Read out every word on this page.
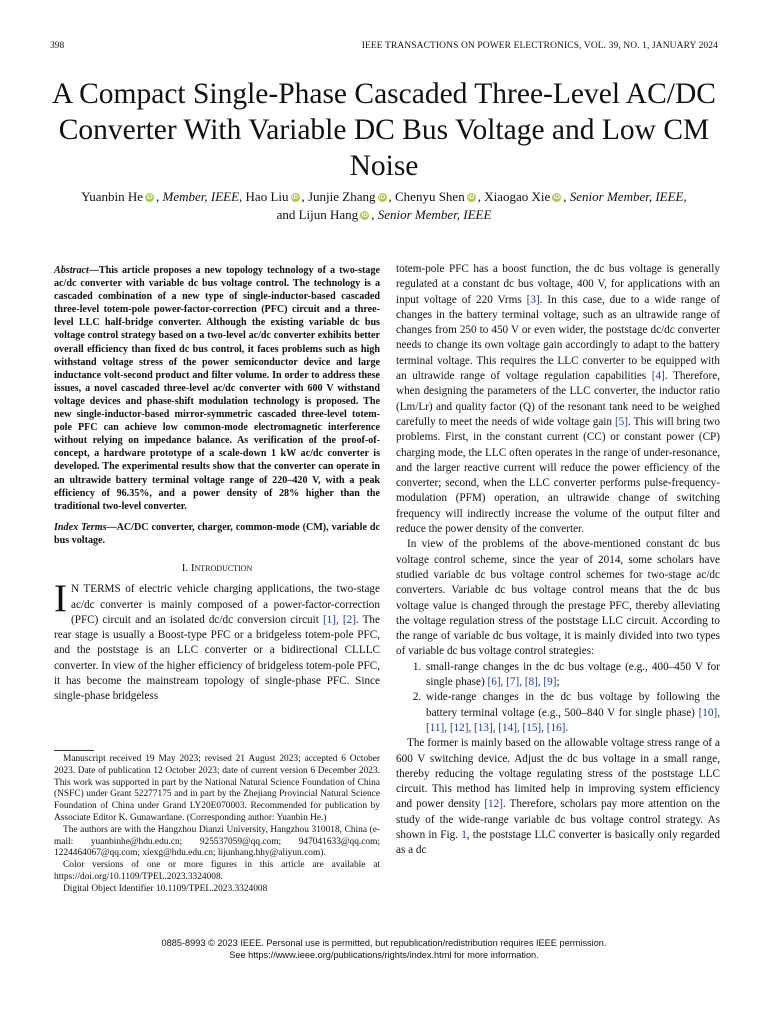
398	IEEE TRANSACTIONS ON POWER ELECTRONICS, VOL. 39, NO. 1, JANUARY 2024
A Compact Single-Phase Cascaded Three-Level AC/DC Converter With Variable DC Bus Voltage and Low CM Noise
Yuanbin He iD , Member, IEEE, Hao Liu iD , Junjie Zhang iD , Chenyu Shen iD , Xiaogao Xie iD , Senior Member, IEEE,
and Lijun Hang iD , Senior Member, IEEE

Abstract—This article proposes a new topology technology of a two-stage ac/dc converter with variable dc bus voltage control. The technology is a cascaded combination of a new type of single-inductor-based cascaded three-level totem-pole power-factor-correction (PFC) circuit and a three-level LLC half-bridge converter. Although the existing variable dc bus voltage control strategy based on a two-level ac/dc converter exhibits better overall efficiency than fixed dc bus control, it faces problems such as high withstand voltage stress of the power semiconductor device and large inductance volt-second product and filter volume. In order to address these issues, a novel cascaded three-level ac/dc converter with 600 V withstand voltage devices and phase-shift modulation technology is proposed. The new single-inductor-based mirror-symmetric cascaded three-level totem-pole PFC can achieve low common-mode electromagnetic interference without relying on impedance balance. As verification of the proof-of-concept, a hardware prototype of a scale-down 1 kW ac/dc converter is developed. The experimental results show that the converter can operate in an ultrawide battery terminal voltage range of 220–420 V, with a peak efficiency of 96.35%, and a power density of 28% higher than the traditional two-level converter.

Index Terms—AC/DC converter, charger, common-mode (CM), variable dc bus voltage.

I. Introduction

I N TERMS of electric vehicle charging applications, the two-stage ac/dc converter is mainly composed of a power-factor-correction (PFC) circuit and an isolated dc/dc conversion circuit [1], [2]. The rear stage is usually a Boost-type PFC or a bridgeless totem-pole PFC, and the poststage is an LLC converter or a bidirectional CLLLC converter. In view of the higher efficiency of bridgeless totem-pole PFC, it has become the mainstream topology of single-phase PFC. Since single-phase bridgeless

Manuscript received 19 May 2023; revised 21 August 2023; accepted 6 October 2023. Date of publication 12 October 2023; date of current version 6 December 2023. This work was supported in part by the National Natural Science Foundation of China (NSFC) under Grant 52277175 and in part by the Zhejiang Provincial Natural Science Foundation of China under Grand LY20E070003. Recommended for publication by Associate Editor K. Gunawardane. (Corresponding author: Yuanbin He.)

The authors are with the Hangzhou Dianzi University, Hangzhou 310018, China (e-mail: yuanbinhe@hdu.edu.cn; 925537059@qq.com; 947041633@qq.com; 1224464067@qq.com; xiexg@hdu.edu.cn; lijunhang.hhy@aliyun.com).

Color versions of one or more figures in this article are available at https://doi.org/10.1109/TPEL.2023.3324008.

Digital Object Identifier 10.1109/TPEL.2023.3324008

totem-pole PFC has a boost function, the dc bus voltage is generally regulated at a constant dc bus voltage, 400 V, for applications with an input voltage of 220 Vrms [3]. In this case, due to a wide range of changes in the battery terminal voltage, such as an ultrawide range of changes from 250 to 450 V or even wider, the poststage dc/dc converter needs to change its own voltage gain accordingly to adapt to the battery terminal voltage. This requires the LLC converter to be equipped with an ultrawide range of voltage regulation capabilities [4]. Therefore, when designing the parameters of the LLC converter, the inductor ratio (Lm/Lr) and quality factor (Q) of the resonant tank need to be weighed carefully to meet the needs of wide voltage gain [5]. This will bring two problems. First, in the constant current (CC) or constant power (CP) charging mode, the LLC often operates in the range of under-resonance, and the larger reactive current will reduce the power efficiency of the converter; second, when the LLC converter performs pulse-frequency-modulation (PFM) operation, an ultrawide change of switching frequency will indirectly increase the volume of the output filter and reduce the power density of the converter.

In view of the problems of the above-mentioned constant dc bus voltage control scheme, since the year of 2014, some scholars have studied variable dc bus voltage control schemes for two-stage ac/dc converters. Variable dc bus voltage control means that the dc bus voltage value is changed through the prestage PFC, thereby alleviating the voltage regulation stress of the poststage LLC circuit. According to the range of variable dc bus voltage, it is mainly divided into two types of variable dc bus voltage control strategies:

1. small-range changes in the dc bus voltage (e.g., 400–450 V for single phase) [6], [7], [8], [9];
2. wide-range changes in the dc bus voltage by following the battery terminal voltage (e.g., 500–840 V for single phase) [10], [11], [12], [13], [14], [15], [16].

The former is mainly based on the allowable voltage stress range of a 600 V switching device. Adjust the dc bus voltage in a small range, thereby reducing the voltage regulating stress of the poststage LLC circuit. This method has limited help in improving system efficiency and power density [12]. Therefore, scholars pay more attention on the study of the wide-range variable dc bus voltage control strategy. As shown in Fig. 1, the poststage LLC converter is basically only regarded as a dc

0885-8993 © 2023 IEEE. Personal use is permitted, but republication/redistribution requires IEEE permission.
See https://www.ieee.org/publications/rights/index.html for more information.
